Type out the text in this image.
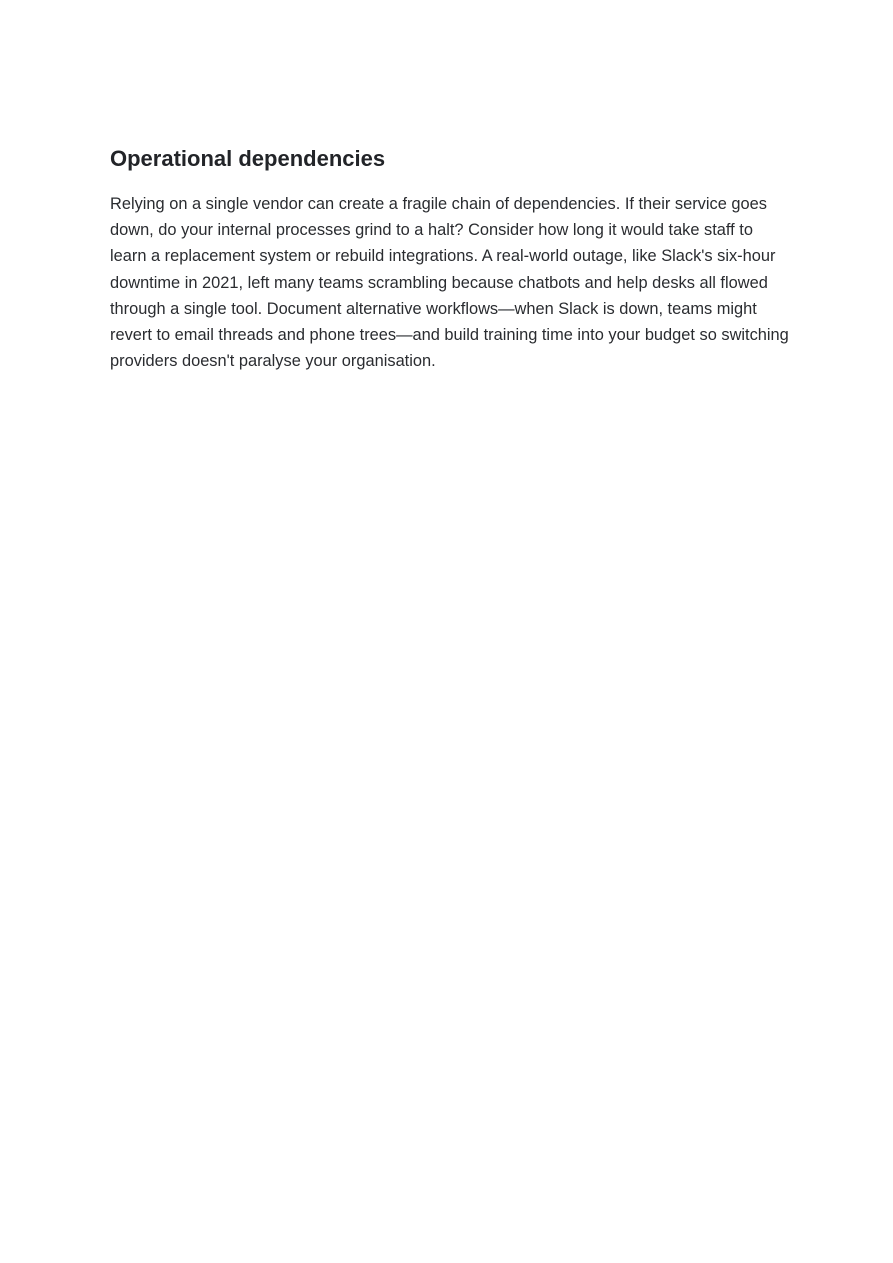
Operational dependencies

Relying on a single vendor can create a fragile chain of dependencies. If their service goes down, do your internal processes grind to a halt? Consider how long it would take staff to learn a replacement system or rebuild integrations. A real-world outage, like Slack's six-hour downtime in 2021, left many teams scrambling because chatbots and help desks all flowed through a single tool. Document alternative workflows—when Slack is down, teams might revert to email threads and phone trees—and build training time into your budget so switching providers doesn't paralyse your organisation.
